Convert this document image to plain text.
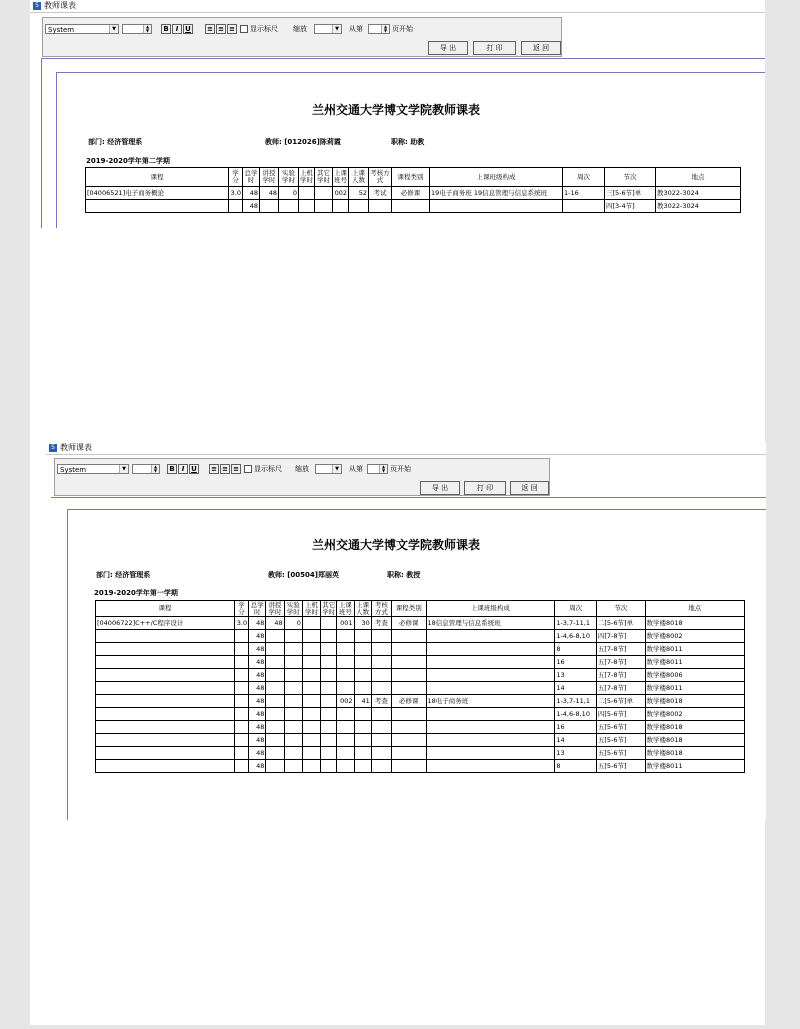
5 教师课表
System	▼	▲
▼	B	I U	≡ ≡ ≡ 显示标尺 缩放	▼ 从第	▲
▼ 页开始
导 出	打 印	返 回
兰州交通大学博文学院教师课表
部门: 经济管理系	教师: [012026]陈莉霞	职称: 助教
2019-2020学年第二学期
课程	学分	总学时	讲授学时	实验学时	上机学时	其它学时	上课班号	上课人数	考核方式	课程类别	上课班级构成	周次	节次	地点
[04006521]电子商务概论	3.0	48	48	0			002	52	考试	必修课	19电子商务班 19信息管理与信息系统班	1-16	三[5-6节]单	教3022-3024
		48											四[3-4节]	教3022-3024
5 教师课表
System	▼	▲
▼	B	I U	≡ ≡ ≡ 显示标尺 缩放	▼ 从第	▲
▼ 页开始
导 出	打 印	返 回
兰州交通大学博文学院教师课表
部门: 经济管理系	教师: [00504]郑丽英	职称: 教授
2019-2020学年第一学期
课程	学分	总学时	讲授学时	实验学时	上机学时	其它学时	上课班号	上课人数	考核方式	课程类别	上课班级构成	周次	节次	地点
[04006722]C++/C程序设计	3.0	48	48	0			001	30	考查	必修课	18信息管理与信息系统班	1-3,7-11,1	二[5-6节]单	数学楼8018
		48										1-4,6-8,10	四[7-8节]	数学楼8002
		48										8	五[7-8节]	数学楼8011
		48										16	五[7-8节]	数学楼8011
		48										13	五[7-8节]	数学楼8006
		48										14	五[7-8节]	数学楼8011
		48					002	41	考查	必修课	18电子商务班	1-3,7-11,1	二[5-6节]单	数学楼8018
		48										1-4,6-8,10	四[5-6节]	数学楼8002
		48										16	五[5-6节]	数学楼8018
		48										14	五[5-6节]	数学楼8018
		48										13	五[5-6节]	数学楼8018
		48										8	五[5-6节]	数学楼8011
